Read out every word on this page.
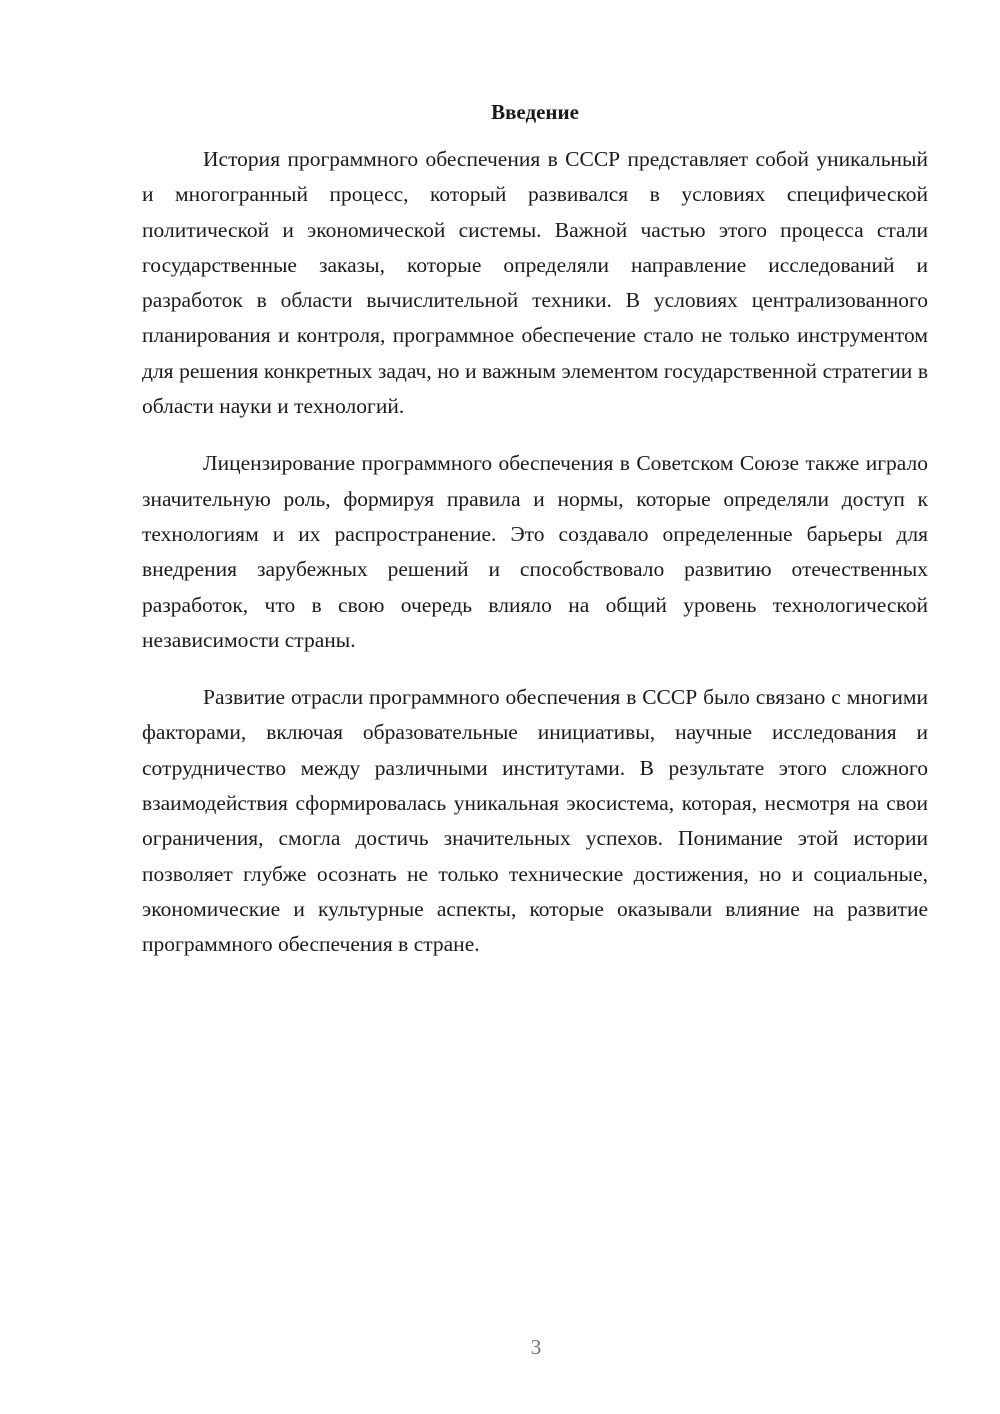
Введение

История программного обеспечения в СССР представляет собой уникальный и многогранный процесс, который развивался в условиях специфической политической и экономической системы. Важной частью этого процесса стали государственные заказы, которые определяли направление исследований и разработок в области вычислительной техники. В условиях централизованного планирования и контроля, программное обеспечение стало не только инструментом для решения конкретных задач, но и важным элементом государственной стратегии в области науки и технологий.

Лицензирование программного обеспечения в Советском Союзе также играло значительную роль, формируя правила и нормы, которые определяли доступ к технологиям и их распространение. Это создавало определенные барьеры для внедрения зарубежных решений и способствовало развитию отечественных разработок, что в свою очередь влияло на общий уровень технологической независимости страны.

Развитие отрасли программного обеспечения в СССР было связано с многими факторами, включая образовательные инициативы, научные исследования и сотрудничество между различными институтами. В результате этого сложного взаимодействия сформировалась уникальная экосистема, которая, несмотря на свои ограничения, смогла достичь значительных успехов. Понимание этой истории позволяет глубже осознать не только технические достижения, но и социальные, экономические и культурные аспекты, которые оказывали влияние на развитие программного обеспечения в стране.

3
